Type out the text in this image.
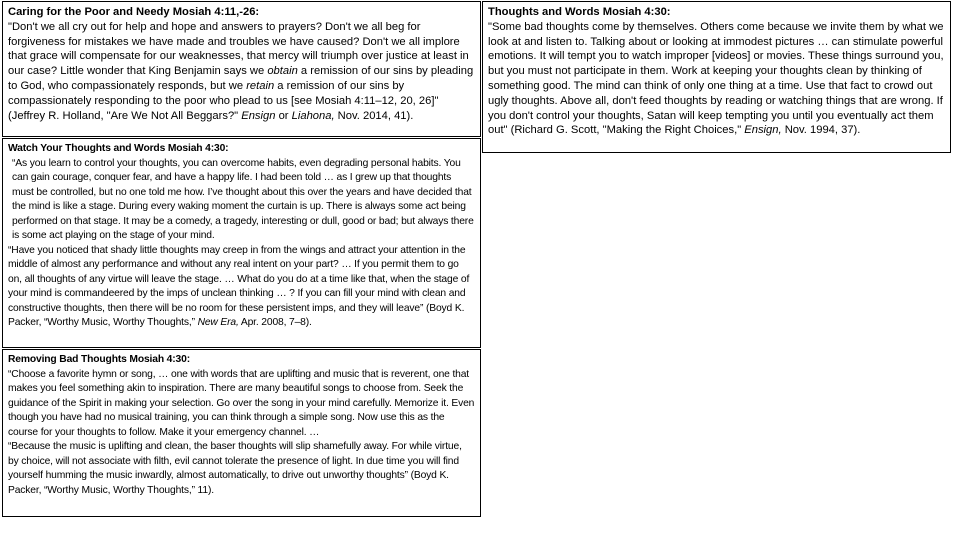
Caring for the Poor and Needy Mosiah 4:11,-26:
"Don't we all cry out for help and hope and answers to prayers? Don't we all beg for forgiveness for mistakes we have made and troubles we have caused? Don't we all implore that grace will compensate for our weaknesses, that mercy will triumph over justice at least in our case? Little wonder that King Benjamin says we obtain a remission of our sins by pleading to God, who compassionately responds, but we retain a remission of our sins by compassionately responding to the poor who plead to us [see Mosiah 4:11–12, 20, 26]" (Jeffrey R. Holland, "Are We Not All Beggars?" Ensign or Liahona, Nov. 2014, 41).
Watch Your Thoughts and Words Mosiah 4:30:
“As you learn to control your thoughts, you can overcome habits, even degrading personal habits. You can gain courage, conquer fear, and have a happy life. I had been told … as I grew up that thoughts must be controlled, but no one told me how. I’ve thought about this over the years and have decided that the mind is like a stage. During every waking moment the curtain is up. There is always some act being performed on that stage. It may be a comedy, a tragedy, interesting or dull, good or bad; but always there is some act playing on the stage of your mind.
“Have you noticed that shady little thoughts may creep in from the wings and attract your attention in the middle of almost any performance and without any real intent on your part? … If you permit them to go on, all thoughts of any virtue will leave the stage. … What do you do at a time like that, when the stage of your mind is commandeered by the imps of unclean thinking … ? If you can fill your mind with clean and constructive thoughts, then there will be no room for these persistent imps, and they will leave” (Boyd K. Packer, “Worthy Music, Worthy Thoughts,” New Era, Apr. 2008, 7–8).
Removing Bad Thoughts Mosiah 4:30:
“Choose a favorite hymn or song, … one with words that are uplifting and music that is reverent, one that makes you feel something akin to inspiration. There are many beautiful songs to choose from. Seek the guidance of the Spirit in making your selection. Go over the song in your mind carefully. Memorize it. Even though you have had no musical training, you can think through a simple song. Now use this as the course for your thoughts to follow. Make it your emergency channel. …
“Because the music is uplifting and clean, the baser thoughts will slip shamefully away. For while virtue, by choice, will not associate with filth, evil cannot tolerate the presence of light. In due time you will find yourself humming the music inwardly, almost automatically, to drive out unworthy thoughts” (Boyd K. Packer, “Worthy Music, Worthy Thoughts,” 11).
Thoughts and Words Mosiah 4:30:
"Some bad thoughts come by themselves. Others come because we invite them by what we look at and listen to. Talking about or looking at immodest pictures … can stimulate powerful emotions. It will tempt you to watch improper [videos] or movies. These things surround you, but you must not participate in them. Work at keeping your thoughts clean by thinking of something good. The mind can think of only one thing at a time. Use that fact to crowd out ugly thoughts. Above all, don't feed thoughts by reading or watching things that are wrong. If you don't control your thoughts, Satan will keep tempting you until you eventually act them out" (Richard G. Scott, "Making the Right Choices," Ensign, Nov. 1994, 37).
